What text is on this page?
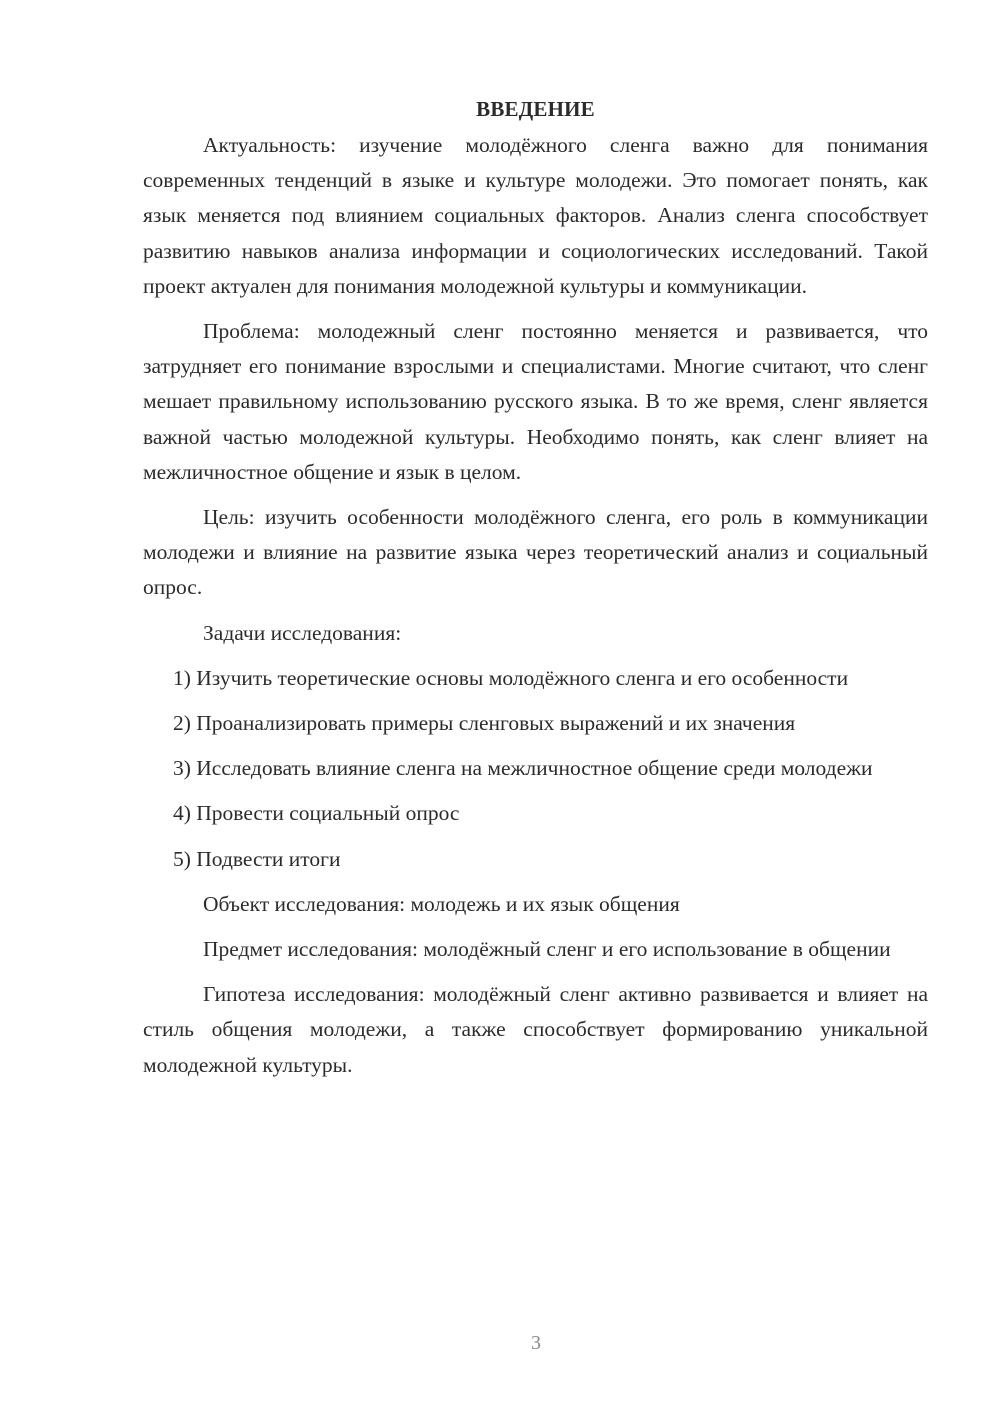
ВВЕДЕНИЕ

Актуальность: изучение молодёжного сленга важно для понимания современных тенденций в языке и культуре молодежи. Это помогает понять, как язык меняется под влиянием социальных факторов. Анализ сленга способствует развитию навыков анализа информации и социологических исследований. Такой проект актуален для понимания молодежной культуры и коммуникации.

Проблема: молодежный сленг постоянно меняется и развивается, что затрудняет его понимание взрослыми и специалистами. Многие считают, что сленг мешает правильному использованию русского языка. В то же время, сленг является важной частью молодежной культуры. Необходимо понять, как сленг влияет на межличностное общение и язык в целом.

Цель: изучить особенности молодёжного сленга, его роль в коммуникации молодежи и влияние на развитие языка через теоретический анализ и социальный опрос.

Задачи исследования:

1) Изучить теоретические основы молодёжного сленга и его особенности

2) Проанализировать примеры сленговых выражений и их значения

3) Исследовать влияние сленга на межличностное общение среди молодежи

4) Провести социальный опрос

5) Подвести итоги

Объект исследования: молодежь и их язык общения

Предмет исследования: молодёжный сленг и его использование в общении

Гипотеза исследования: молодёжный сленг активно развивается и влияет на стиль общения молодежи, а также способствует формированию уникальной молодежной культуры.

3
